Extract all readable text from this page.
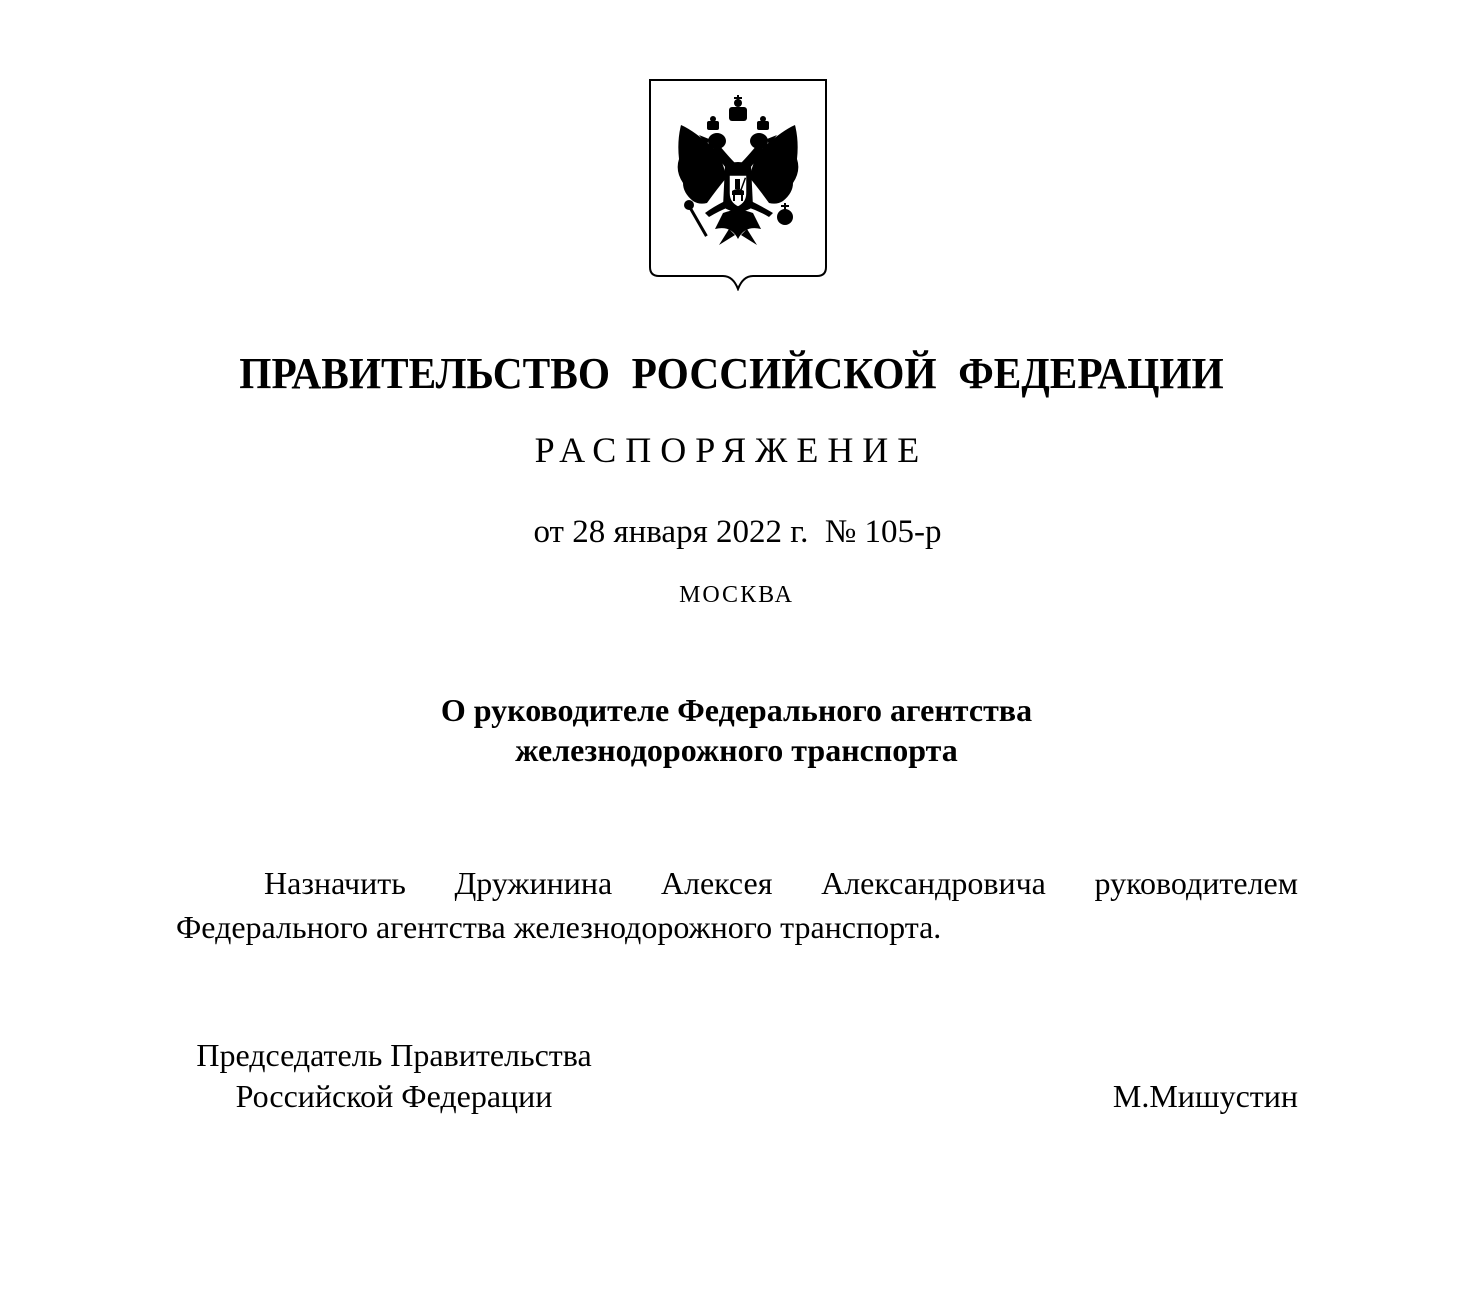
ПРАВИТЕЛЬСТВО РОССИЙСКОЙ ФЕДЕРАЦИИ
РАСПОРЯЖЕНИЕ
от 28 января 2022 г.  № 105-р
МОСКВА
О руководителе Федерального агентства
железнодорожного транспорта
Назначить Дружинина Алексея Александровича руководителем
Федерального агентства железнодорожного транспорта.
Председатель Правительства
Российской Федерации	М.Мишустин
